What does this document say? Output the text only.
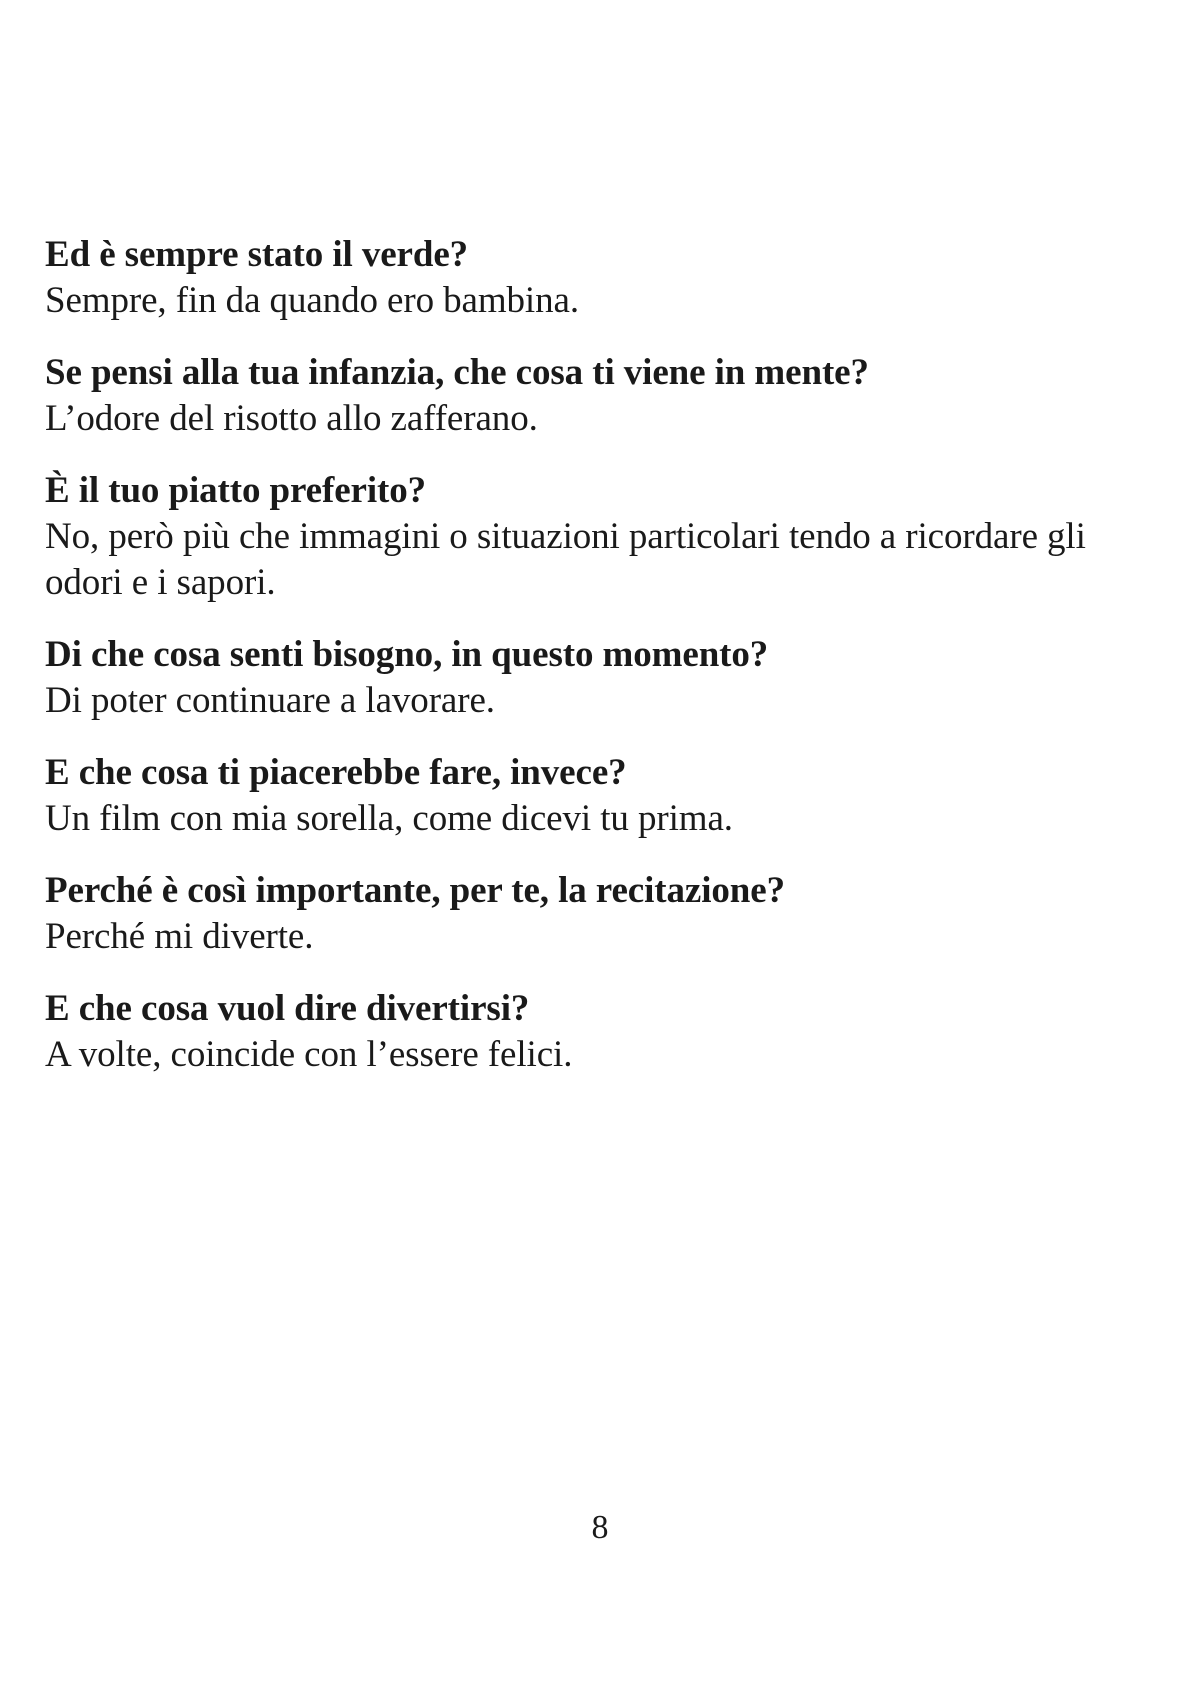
Ed è sempre stato il verde?
Sempre, fin da quando ero bambina.
Se pensi alla tua infanzia, che cosa ti viene in mente?
L’odore del risotto allo zafferano.
È il tuo piatto preferito?
No, però più che immagini o situazioni particolari tendo a ricordare gli odori e i sapori.
Di che cosa senti bisogno, in questo momento?
Di poter continuare a lavorare.
E che cosa ti piacerebbe fare, invece?
Un film con mia sorella, come dicevi tu prima.
Perché è così importante, per te, la recitazione?
Perché mi diverte.
E che cosa vuol dire divertirsi?
A volte, coincide con l’essere felici.
8
